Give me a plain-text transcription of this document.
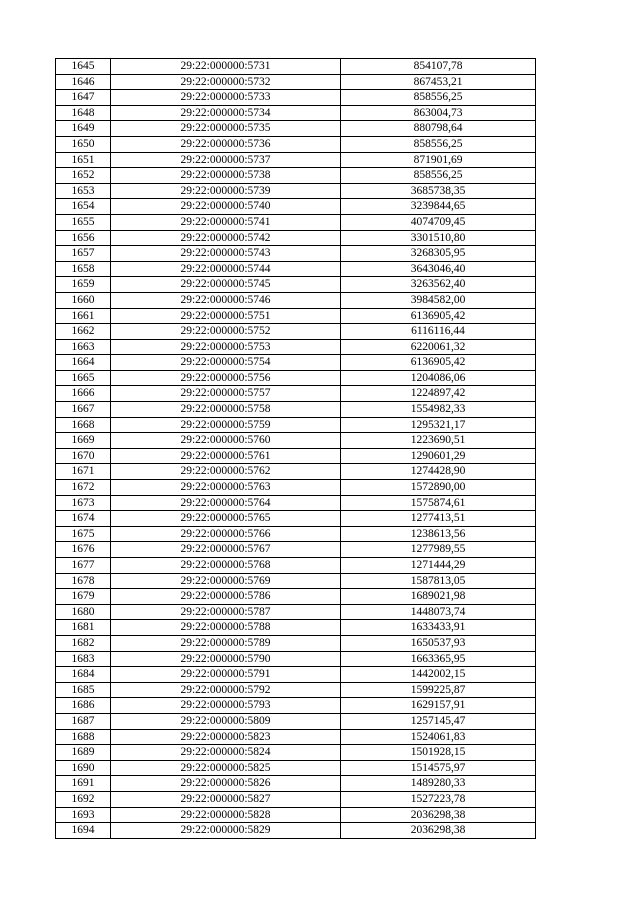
1645	29:22:000000:5731	854107,78
1646	29:22:000000:5732	867453,21
1647	29:22:000000:5733	858556,25
1648	29:22:000000:5734	863004,73
1649	29:22:000000:5735	880798,64
1650	29:22:000000:5736	858556,25
1651	29:22:000000:5737	871901,69
1652	29:22:000000:5738	858556,25
1653	29:22:000000:5739	3685738,35
1654	29:22:000000:5740	3239844,65
1655	29:22:000000:5741	4074709,45
1656	29:22:000000:5742	3301510,80
1657	29:22:000000:5743	3268305,95
1658	29:22:000000:5744	3643046,40
1659	29:22:000000:5745	3263562,40
1660	29:22:000000:5746	3984582,00
1661	29:22:000000:5751	6136905,42
1662	29:22:000000:5752	6116116,44
1663	29:22:000000:5753	6220061,32
1664	29:22:000000:5754	6136905,42
1665	29:22:000000:5756	1204086,06
1666	29:22:000000:5757	1224897,42
1667	29:22:000000:5758	1554982,33
1668	29:22:000000:5759	1295321,17
1669	29:22:000000:5760	1223690,51
1670	29:22:000000:5761	1290601,29
1671	29:22:000000:5762	1274428,90
1672	29:22:000000:5763	1572890,00
1673	29:22:000000:5764	1575874,61
1674	29:22:000000:5765	1277413,51
1675	29:22:000000:5766	1238613,56
1676	29:22:000000:5767	1277989,55
1677	29:22:000000:5768	1271444,29
1678	29:22:000000:5769	1587813,05
1679	29:22:000000:5786	1689021,98
1680	29:22:000000:5787	1448073,74
1681	29:22:000000:5788	1633433,91
1682	29:22:000000:5789	1650537,93
1683	29:22:000000:5790	1663365,95
1684	29:22:000000:5791	1442002,15
1685	29:22:000000:5792	1599225,87
1686	29:22:000000:5793	1629157,91
1687	29:22:000000:5809	1257145,47
1688	29:22:000000:5823	1524061,83
1689	29:22:000000:5824	1501928,15
1690	29:22:000000:5825	1514575,97
1691	29:22:000000:5826	1489280,33
1692	29:22:000000:5827	1527223,78
1693	29:22:000000:5828	2036298,38
1694	29:22:000000:5829	2036298,38
